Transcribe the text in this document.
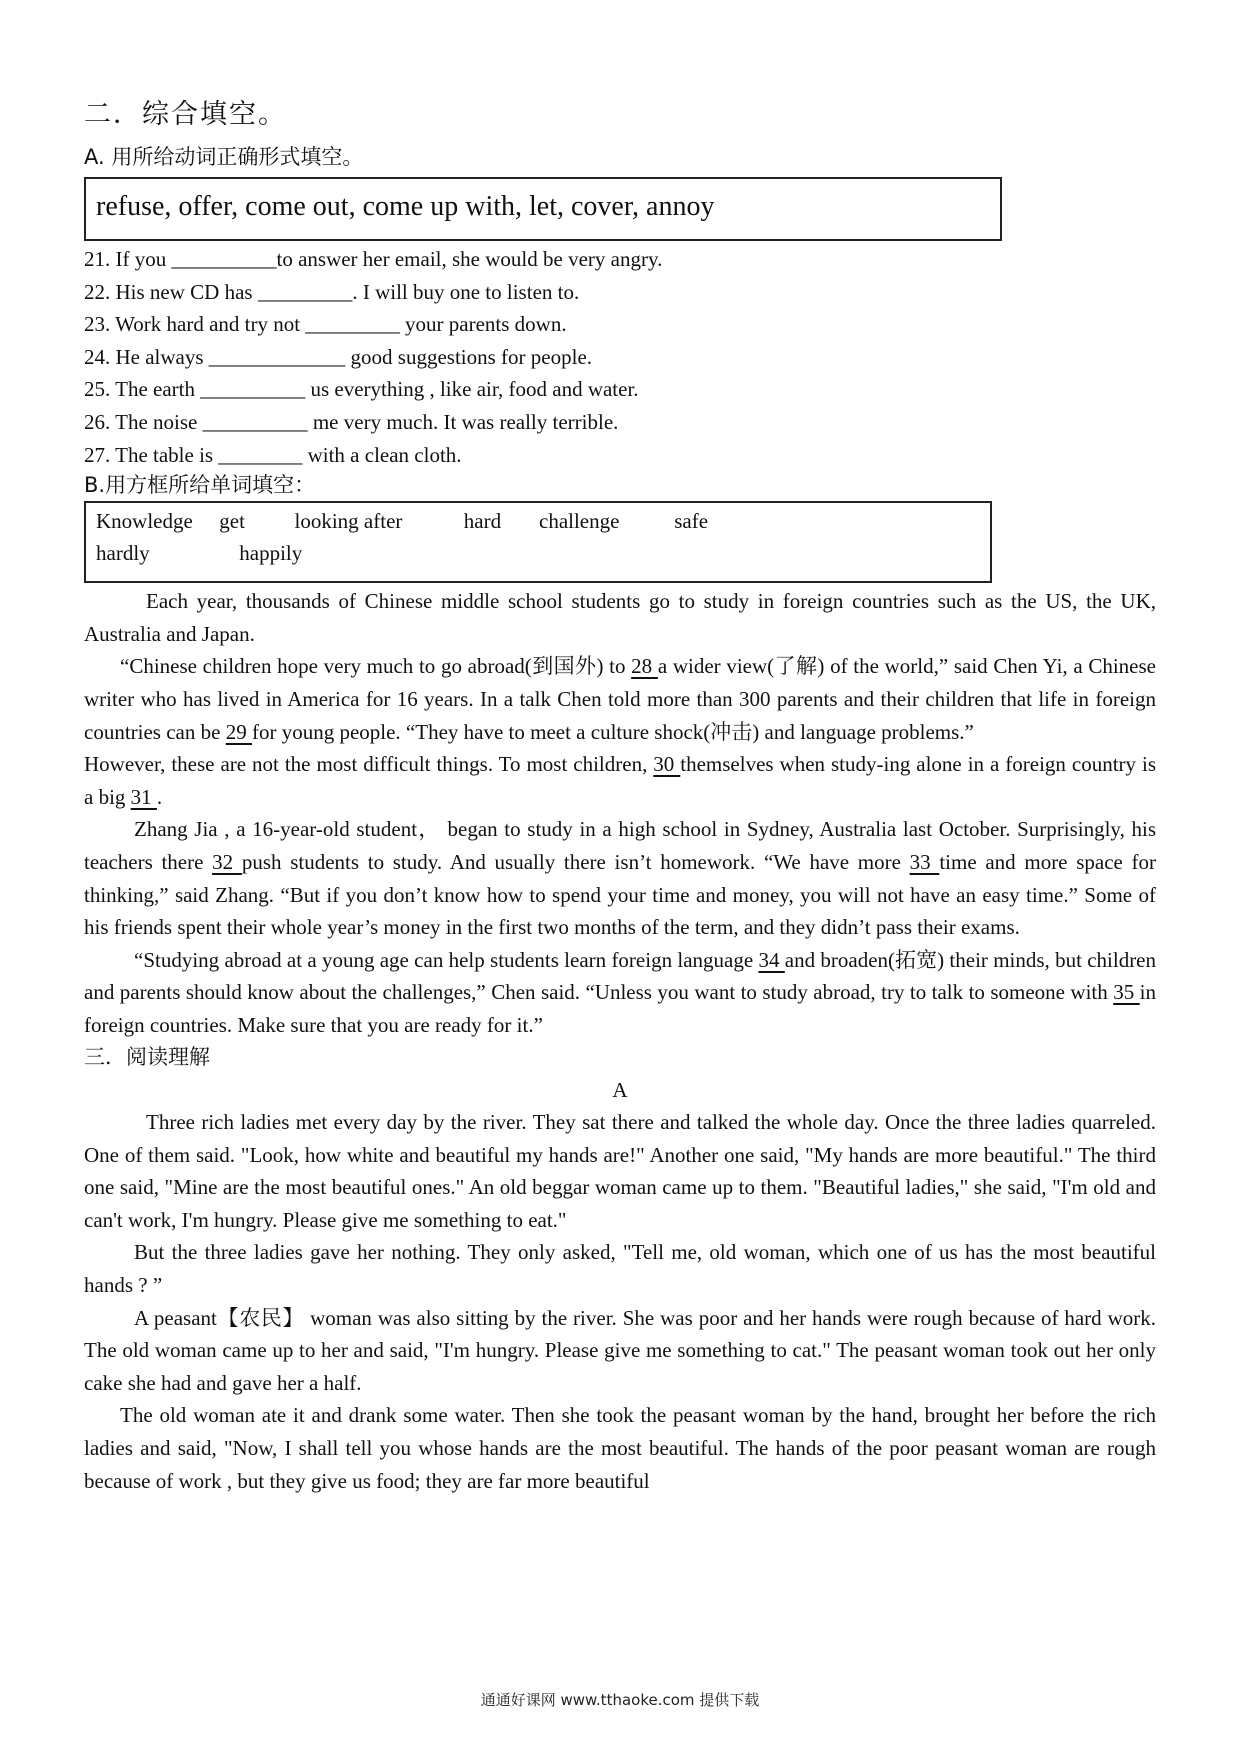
二．综合填空。
A. 用所给动词正确形式填空。
refuse, offer, come out, come up with, let, cover, annoy
21. If you __________to answer her email, she would be very angry.
22. His new CD has _________. I will buy one to listen to.
23. Work hard and try not _________ your parents down.
24. He always _____________ good suggestions for people.
25. The earth __________ us everything , like air, food and water.
26. The noise __________ me very much. It was really terrible.
27. The table is ________ with a clean cloth.
B.用方框所给单词填空：
Knowledge get looking after	hard challenge	safe
hardly	happily

Each year, thousands of Chinese middle school students go to study in foreign countries such as the US, the UK, Australia and Japan.

“Chinese children hope very much to go abroad(到国外) to 28 a wider view(了解) of the world,” said Chen Yi, a Chinese writer who has lived in America for 16 years. In a talk Chen told more than 300 parents and their children that life in foreign countries can be 29 for young people. “They have to meet a culture shock(冲击) and language problems.”

However, these are not the most difficult things. To most children, 30 themselves when study-ing alone in a foreign country is a big 31 .

Zhang Jia , a 16-year-old student， began to study in a high school in Sydney, Australia last October. Surprisingly, his teachers there 32 push students to study. And usually there isn’t homework. “We have more 33 time and more space for thinking,” said Zhang. “But if you don’t know how to spend your time and money, you will not have an easy time.” Some of his friends spent their whole year’s money in the first two months of the term, and they didn’t pass their exams.

“Studying abroad at a young age can help students learn foreign language 34 and broaden(拓宽) their minds, but children and parents should know about the challenges,” Chen said. “Unless you want to study abroad, try to talk to someone with 35 in foreign countries. Make sure that you are ready for it.”

三．阅读理解
A

Three rich ladies met every day by the river. They sat there and talked the whole day. Once the three ladies quarreled. One of them said. "Look, how white and beautiful my hands are!" Another one said, "My hands are more beautiful." The third one said, "Mine are the most beautiful ones." An old beggar woman came up to them. "Beautiful ladies," she said, "I'm old and can't work, I'm hungry. Please give me something to eat."

But the three ladies gave her nothing. They only asked, "Tell me, old woman, which one of us has the most beautiful hands ? ”

A peasant【农民】 woman was also sitting by the river. She was poor and her hands were rough because of hard work. The old woman came up to her and said, "I'm hungry. Please give me something to cat." The peasant woman took out her only cake she had and gave her a half.

The old woman ate it and drank some water. Then she took the peasant woman by the hand, brought her before the rich ladies and said, "Now, I shall tell you whose hands are the most beautiful. The hands of the poor peasant woman are rough because of work , but they give us food; they are far more beautiful

通通好课网 www.tthaoke.com 提供下载
